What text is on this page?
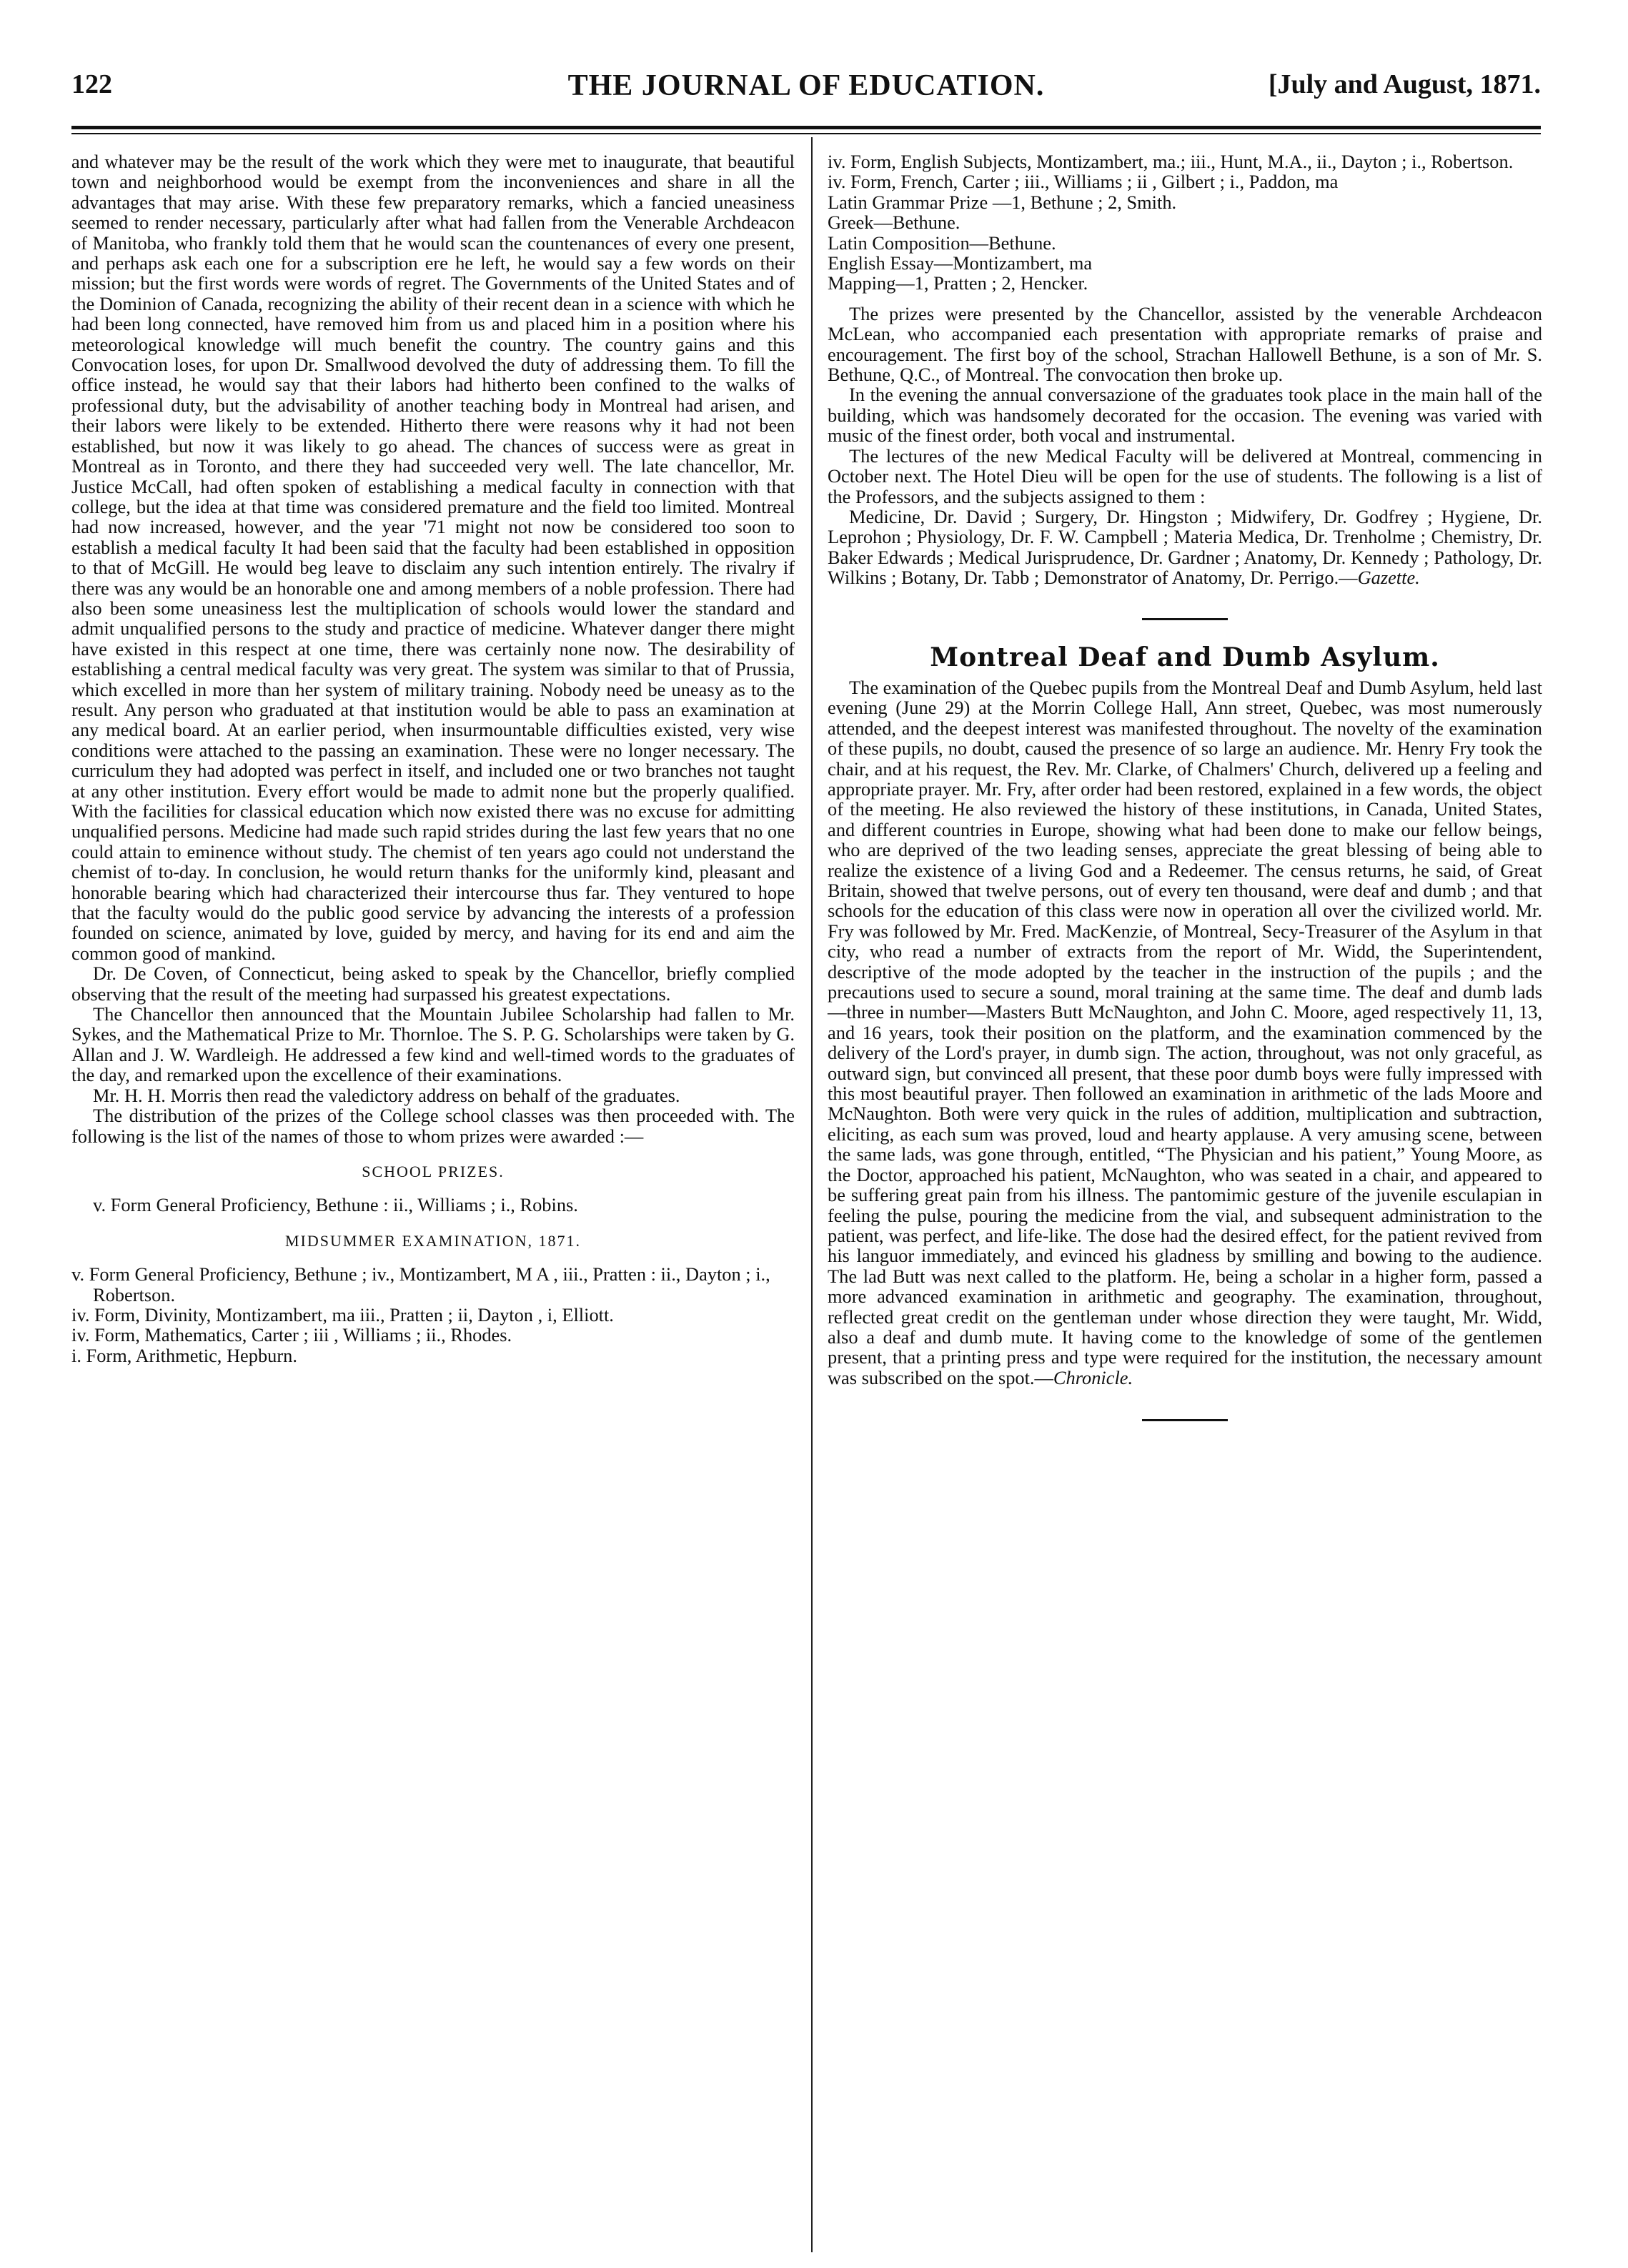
122	THE JOURNAL OF EDUCATION.	[July and August, 1871.

and whatever may be the result of the work which they were met to inaugurate, that beautiful town and neighborhood would be exempt from the inconveniences and share in all the advantages that may arise. With these few preparatory remarks, which a fancied uneasiness seemed to render necessary, particularly after what had fallen from the Venerable Archdeacon of Manitoba, who frankly told them that he would scan the countenances of every one present, and perhaps ask each one for a subscription ere he left, he would say a few words on their mission; but the first words were words of regret. The Governments of the United States and of the Dominion of Canada, recognizing the ability of their recent dean in a science with which he had been long connected, have removed him from us and placed him in a position where his meteorological knowledge will much benefit the country. The country gains and this Convocation loses, for upon Dr. Smallwood devolved the duty of addressing them. To fill the office instead, he would say that their labors had hitherto been confined to the walks of professional duty, but the advisability of another teaching body in Montreal had arisen, and their labors were likely to be extended. Hitherto there were reasons why it had not been established, but now it was likely to go ahead. The chances of success were as great in Montreal as in Toronto, and there they had succeeded very well. The late chancellor, Mr. Justice McCall, had often spoken of establishing a medical faculty in connection with that college, but the idea at that time was considered premature and the field too limited. Montreal had now increased, however, and the year '71 might not now be considered too soon to establish a medical faculty It had been said that the faculty had been established in opposition to that of McGill. He would beg leave to disclaim any such intention entirely. The rivalry if there was any would be an honorable one and among members of a noble profession. There had also been some uneasiness lest the multiplication of schools would lower the standard and admit unqualified persons to the study and practice of medicine. Whatever danger there might have existed in this respect at one time, there was certainly none now. The desirability of establishing a central medical faculty was very great. The system was similar to that of Prussia, which excelled in more than her system of military training. Nobody need be uneasy as to the result. Any person who graduated at that institution would be able to pass an examination at any medical board. At an earlier period, when insurmountable difficulties existed, very wise conditions were attached to the passing an examination. These were no longer necessary. The curriculum they had adopted was perfect in itself, and included one or two branches not taught at any other institution. Every effort would be made to admit none but the properly qualified. With the facilities for classical education which now existed there was no excuse for admitting unqualified persons. Medicine had made such rapid strides during the last few years that no one could attain to eminence without study. The chemist of ten years ago could not understand the chemist of to-day. In conclusion, he would return thanks for the uniformly kind, pleasant and honorable bearing which had characterized their intercourse thus far. They ventured to hope that the faculty would do the public good service by advancing the interests of a profession founded on science, animated by love, guided by mercy, and having for its end and aim the common good of mankind.

Dr. De Coven, of Connecticut, being asked to speak by the Chancellor, briefly complied observing that the result of the meeting had surpassed his greatest expectations.

The Chancellor then announced that the Mountain Jubilee Scholarship had fallen to Mr. Sykes, and the Mathematical Prize to Mr. Thornloe. The S. P. G. Scholarships were taken by G. Allan and J. W. Wardleigh. He addressed a few kind and well-timed words to the graduates of the day, and remarked upon the excellence of their examinations.

Mr. H. H. Morris then read the valedictory address on behalf of the graduates.

The distribution of the prizes of the College school classes was then proceeded with. The following is the list of the names of those to whom prizes were awarded :—

SCHOOL PRIZES.

v. Form General Proficiency, Bethune : ii., Williams ; i., Robins.

MIDSUMMER EXAMINATION, 1871.

v. Form General Proficiency, Bethune ; iv., Montizambert, M A , iii., Pratten : ii., Dayton ; i., Robertson.

iv. Form, Divinity, Montizambert, ma iii., Pratten ; ii, Dayton , i, Elliott.

iv. Form, Mathematics, Carter ; iii , Williams ; ii., Rhodes.

i. Form, Arithmetic, Hepburn.

iv. Form, English Subjects, Montizambert, ma.; iii., Hunt, M.A., ii., Dayton ; i., Robertson.

iv. Form, French, Carter ; iii., Williams ; ii , Gilbert ; i., Paddon, ma

Latin Grammar Prize —1, Bethune ; 2, Smith.

Greek—Bethune.

Latin Composition—Bethune.

English Essay—Montizambert, ma

Mapping—1, Pratten ; 2, Hencker.

The prizes were presented by the Chancellor, assisted by the venerable Archdeacon McLean, who accompanied each presentation with appropriate remarks of praise and encouragement. The first boy of the school, Strachan Hallowell Bethune, is a son of Mr. S. Bethune, Q.C., of Montreal. The convocation then broke up.

In the evening the annual conversazione of the graduates took place in the main hall of the building, which was handsomely decorated for the occasion. The evening was varied with music of the finest order, both vocal and instrumental.

The lectures of the new Medical Faculty will be delivered at Montreal, commencing in October next. The Hotel Dieu will be open for the use of students. The following is a list of the Professors, and the subjects assigned to them :

Medicine, Dr. David ; Surgery, Dr. Hingston ; Midwifery, Dr. Godfrey ; Hygiene, Dr. Leprohon ; Physiology, Dr. F. W. Campbell ; Materia Medica, Dr. Trenholme ; Chemistry, Dr. Baker Edwards ; Medical Jurisprudence, Dr. Gardner ; Anatomy, Dr. Kennedy ; Pathology, Dr. Wilkins ; Botany, Dr. Tabb ; Demonstrator of Anatomy, Dr. Perrigo.—Gazette.

Montreal Deaf and Dumb Asylum.

The examination of the Quebec pupils from the Montreal Deaf and Dumb Asylum, held last evening (June 29) at the Morrin College Hall, Ann street, Quebec, was most numerously attended, and the deepest interest was manifested throughout. The novelty of the examination of these pupils, no doubt, caused the presence of so large an audience. Mr. Henry Fry took the chair, and at his request, the Rev. Mr. Clarke, of Chalmers' Church, delivered up a feeling and appropriate prayer. Mr. Fry, after order had been restored, explained in a few words, the object of the meeting. He also reviewed the history of these institutions, in Canada, United States, and different countries in Europe, showing what had been done to make our fellow beings, who are deprived of the two leading senses, appreciate the great blessing of being able to realize the existence of a living God and a Redeemer. The census returns, he said, of Great Britain, showed that twelve persons, out of every ten thousand, were deaf and dumb ; and that schools for the education of this class were now in operation all over the civilized world. Mr. Fry was followed by Mr. Fred. MacKenzie, of Montreal, Secy-Treasurer of the Asylum in that city, who read a number of extracts from the report of Mr. Widd, the Superintendent, descriptive of the mode adopted by the teacher in the instruction of the pupils ; and the precautions used to secure a sound, moral training at the same time. The deaf and dumb lads—three in number—Masters Butt McNaughton, and John C. Moore, aged respectively 11, 13, and 16 years, took their position on the platform, and the examination commenced by the delivery of the Lord's prayer, in dumb sign. The action, throughout, was not only graceful, as outward sign, but convinced all present, that these poor dumb boys were fully impressed with this most beautiful prayer. Then followed an examination in arithmetic of the lads Moore and McNaughton. Both were very quick in the rules of addition, multiplication and subtraction, eliciting, as each sum was proved, loud and hearty applause. A very amusing scene, between the same lads, was gone through, entitled, “The Physician and his patient,” Young Moore, as the Doctor, approached his patient, McNaughton, who was seated in a chair, and appeared to be suffering great pain from his illness. The pantomimic gesture of the juvenile esculapian in feeling the pulse, pouring the medicine from the vial, and subsequent administration to the patient, was perfect, and life-like. The dose had the desired effect, for the patient revived from his languor immediately, and evinced his gladness by smilling and bowing to the audience. The lad Butt was next called to the platform. He, being a scholar in a higher form, passed a more advanced examination in arithmetic and geography. The examination, throughout, reflected great credit on the gentleman under whose direction they were taught, Mr. Widd, also a deaf and dumb mute. It having come to the knowledge of some of the gentlemen present, that a printing press and type were required for the institution, the necessary amount was subscribed on the spot.—Chronicle.
